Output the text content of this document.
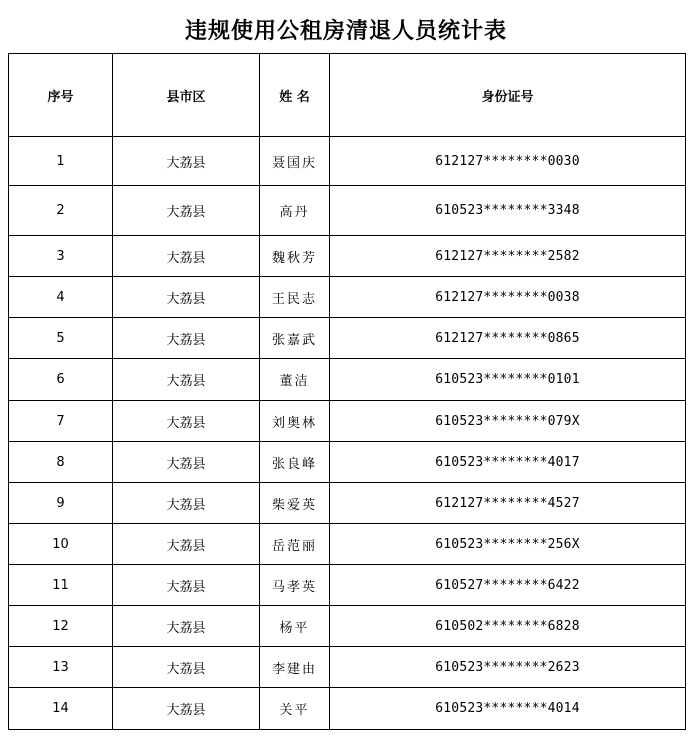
违规使用公租房清退人员统计表
序号	县市区	姓 名	身份证号
1	大荔县	聂国庆	612127********0030
2	大荔县	高丹	610523********3348
3	大荔县	魏秋芳	612127********2582
4	大荔县	王民志	612127********0038
5	大荔县	张嘉武	612127********0865
6	大荔县	董洁	610523********0101
7	大荔县	刘奥林	610523********079X
8	大荔县	张良峰	610523********4017
9	大荔县	柴爱英	612127********4527
10	大荔县	岳范丽	610523********256X
11	大荔县	马孝英	610527********6422
12	大荔县	杨平	610502********6828
13	大荔县	李建由	610523********2623
14	大荔县	关平	610523********4014
